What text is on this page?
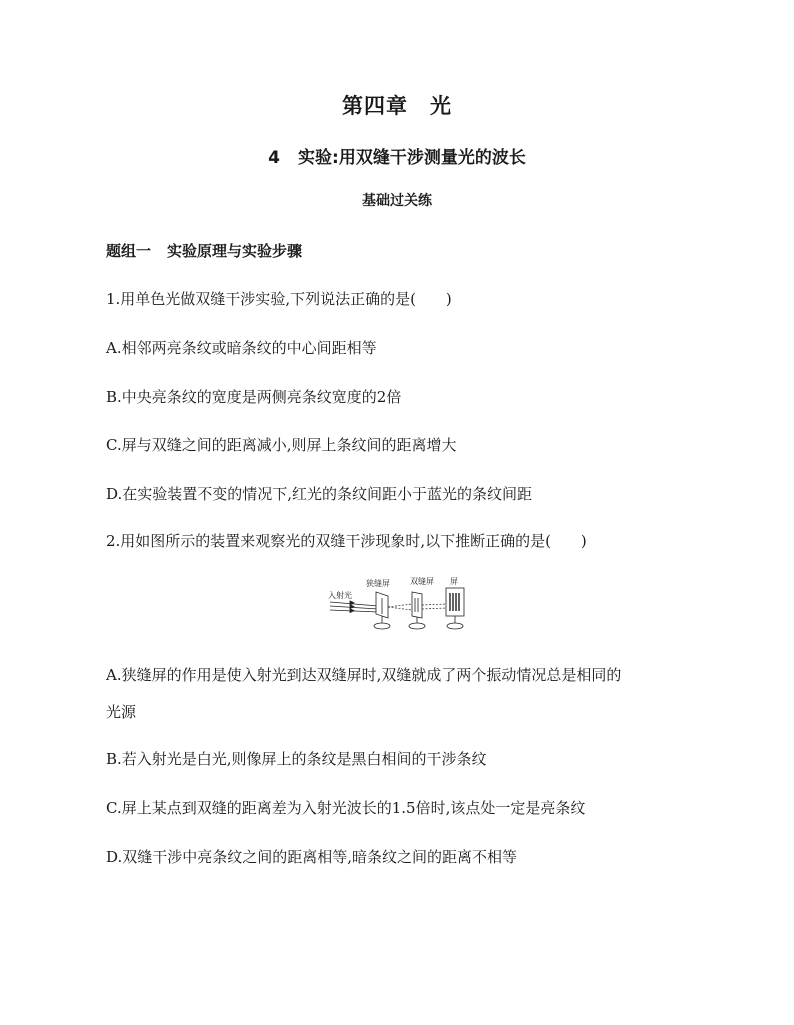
第四章　光
4 实验:用双缝干涉测量光的波长
基础过关练
题组一 实验原理与实验步骤
1.用单色光做双缝干涉实验,下列说法正确的是(　　)
A.相邻两亮条纹或暗条纹的中心间距相等
B.中央亮条纹的宽度是两侧亮条纹宽度的2倍
C.屏与双缝之间的距离减小,则屏上条纹间的距离增大
D.在实验装置不变的情况下,红光的条纹间距小于蓝光的条纹间距
2.用如图所示的装置来观察光的双缝干涉现象时,以下推断正确的是(　　)
入射光
狭缝屏	双缝屏 屏
A.狭缝屏的作用是使入射光到达双缝屏时,双缝就成了两个振动情况总是相同的
光源
B.若入射光是白光,则像屏上的条纹是黑白相间的干涉条纹
C.屏上某点到双缝的距离差为入射光波长的1.5倍时,该点处一定是亮条纹
D.双缝干涉中亮条纹之间的距离相等,暗条纹之间的距离不相等
